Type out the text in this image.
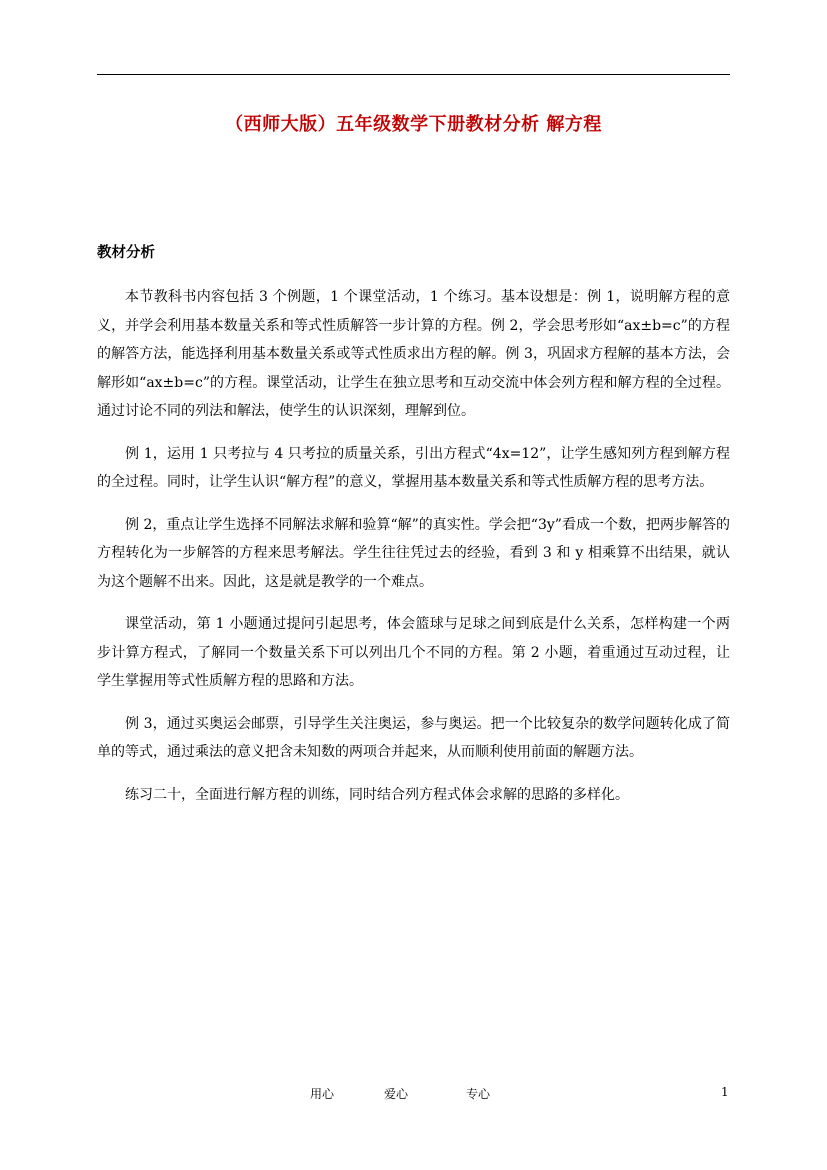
（西师大版）五年级数学下册教材分析 解方程
教材分析

本节教科书内容包括 3 个例题，1 个课堂活动，1 个练习。基本设想是：例 1，说明解方程的意义，并学会利用基本数量关系和等式性质解答一步计算的方程。例 2，学会思考形如“ax±b=c”的方程的解答方法，能选择利用基本数量关系或等式性质求出方程的解。例 3，巩固求方程解的基本方法，会解形如“ax±b=c”的方程。课堂活动，让学生在独立思考和互动交流中体会列方程和解方程的全过程。通过讨论不同的列法和解法，使学生的认识深刻，理解到位。

例 1，运用 1 只考拉与 4 只考拉的质量关系，引出方程式“4x=12”，让学生感知列方程到解方程的全过程。同时，让学生认识“解方程”的意义，掌握用基本数量关系和等式性质解方程的思考方法。

例 2，重点让学生选择不同解法求解和验算“解”的真实性。学会把“3y”看成一个数，把两步解答的方程转化为一步解答的方程来思考解法。学生往往凭过去的经验，看到 3 和 y 相乘算不出结果，就认为这个题解不出来。因此，这是就是教学的一个难点。

课堂活动，第 1 小题通过提问引起思考，体会篮球与足球之间到底是什么关系，怎样构建一个两步计算方程式，了解同一个数量关系下可以列出几个不同的方程。第 2 小题，着重通过互动过程，让学生掌握用等式性质解方程的思路和方法。

例 3，通过买奥运会邮票，引导学生关注奥运，参与奥运。把一个比较复杂的数学问题转化成了简单的等式，通过乘法的意义把含未知数的两项合并起来，从而顺利使用前面的解题方法。

练习二十，全面进行解方程的训练，同时结合列方程式体会求解的思路的多样化。

用心	爱心	专心	1
